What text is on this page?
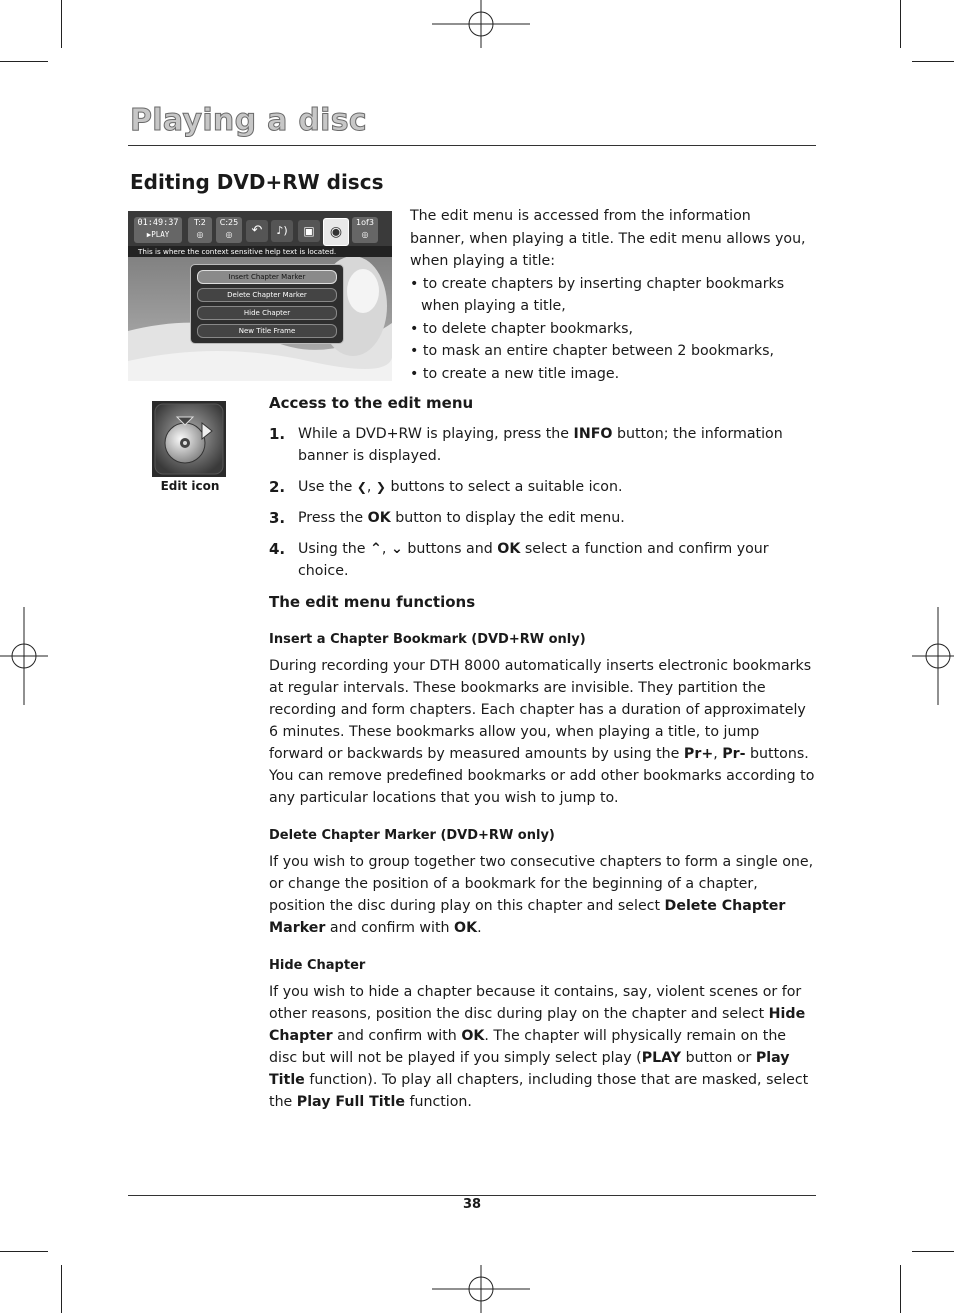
Playing a disc
Editing DVD+RW discs
01:49:37
▶PLAY
T:2
◎
C:25
◎	↶	♪)	▣	◉
1of3
◎
This is where the context sensitive help text is located.
Insert Chapter Marker
Delete Chapter Marker
Hide Chapter
New Title Frame

The edit menu is accessed from the information banner, when playing a title. The edit menu allows you, when playing a title:

• to create chapters by inserting chapter bookmarks when playing a title,

• to delete chapter bookmarks,

• to mask an entire chapter between 2 bookmarks,

• to create a new title image.

Edit icon

Access to the edit menu

1. While a DVD+RW is playing, press the INFO button; the information banner is displayed.
2. Use the ❮, ❯ buttons to select a suitable icon.
3. Press the OK button to display the edit menu.
4. Using the ⌃, ⌄ buttons and OK select a function and confirm your choice.

The edit menu functions

Insert a Chapter Bookmark (DVD+RW only)

During recording your DTH 8000 automatically inserts electronic bookmarks at regular intervals. These bookmarks are invisible. They partition the recording and form chapters. Each chapter has a duration of approximately 6 minutes. These bookmarks allow you, when playing a title, to jump forward or backwards by measured amounts by using the Pr+, Pr- buttons. You can remove predefined bookmarks or add other bookmarks according to any particular locations that you wish to jump to.

Delete Chapter Marker (DVD+RW only)

If you wish to group together two consecutive chapters to form a single one, or change the position of a bookmark for the beginning of a chapter, position the disc during play on this chapter and select Delete Chapter Marker and confirm with OK.

Hide Chapter

If you wish to hide a chapter because it contains, say, violent scenes or for other reasons, position the disc during play on the chapter and select Hide Chapter and confirm with OK. The chapter will physically remain on the disc but will not be played if you simply select play (PLAY button or Play Title function). To play all chapters, including those that are masked, select the Play Full Title function.

38
